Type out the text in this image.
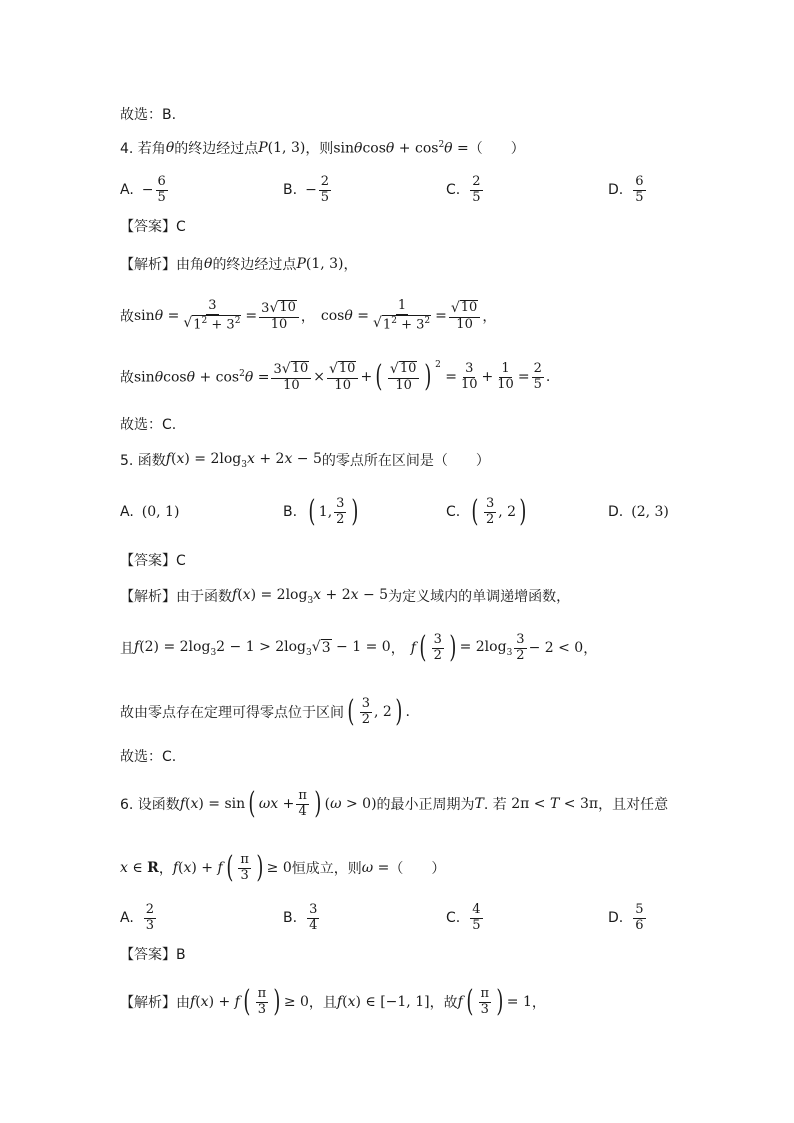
故选：B.
4. 若角 θ 的终边经过点 P(1, 3) ，则 $\sin\theta\cos\theta + \cos^2\theta$ = （　　）
A. − $\frac{6}{5}$	B. − $\frac{2}{5}$	C. $\frac{2}{5}$	D. $\frac{6}{5}$
【答案】C
【解析】由角 θ 的终边经过点 P(1, 3) ，
故 $\sin\theta = \frac{3}{√ 1^2 + 3^2} = \frac{3 √ 10}{10}$ ， $\cos\theta = \frac{1}{√ 1^2 + 3^2} = \frac{√ 10}{10}$ ，
故 $\sin\theta\cos\theta + \cos^2\theta = \frac{3 √ 10}{10} \times \frac{√ 10}{10}$ + ( $\frac{√ 10}{10}$ ) $^2$
= $\frac{3}{10} + \frac{1}{10} = \frac{2}{5}$ .
故选：C.
5. 函数 $f(x) = 2\log_3x + 2x - 5$ 的零点所在区间是（　　）
A. (0, 1)	B. ( 1, $\frac{3}{2}$ )	C. ( $\frac{3}{2}$ , 2 )	D. (2, 3)
【答案】C
【解析】由于函数 $f(x) = 2\log_3x + 2x - 5$ 为定义域内的单调递增函数，
且 $f(2) = 2\log_32 - 1 > 2\log_3$ √ 3 − 1 = 0 ， f ( $\frac{3}{2}$ ) = $2\log_3 \frac{3}{2} - 2 < 0$ ，
故由零点存在定理可得零点位于区间 ( $\frac{3}{2}$ , 2 ) .
故选：C.
6. 设函数 f(x) = sin ( $\omega x + \frac{\pi}{4}$ ) (ω > 0) 的最小正周期为 T . 若 2π < T < 3π ，且对任意
x ∈ R ， f(x) + f ( $\frac{\pi}{3}$ ) ≥ 0 恒成立，则 ω = （　　）
A. $\frac{2}{3}$	B. $\frac{3}{4}$	C. $\frac{4}{5}$	D. $\frac{5}{6}$
【答案】B
【解析】由 f(x) + f ( $\frac{\pi}{3}$ ) ≥ 0 ，且 f(x) ∈ [−1, 1] ，故 f ( $\frac{\pi}{3}$ ) = 1 ，
